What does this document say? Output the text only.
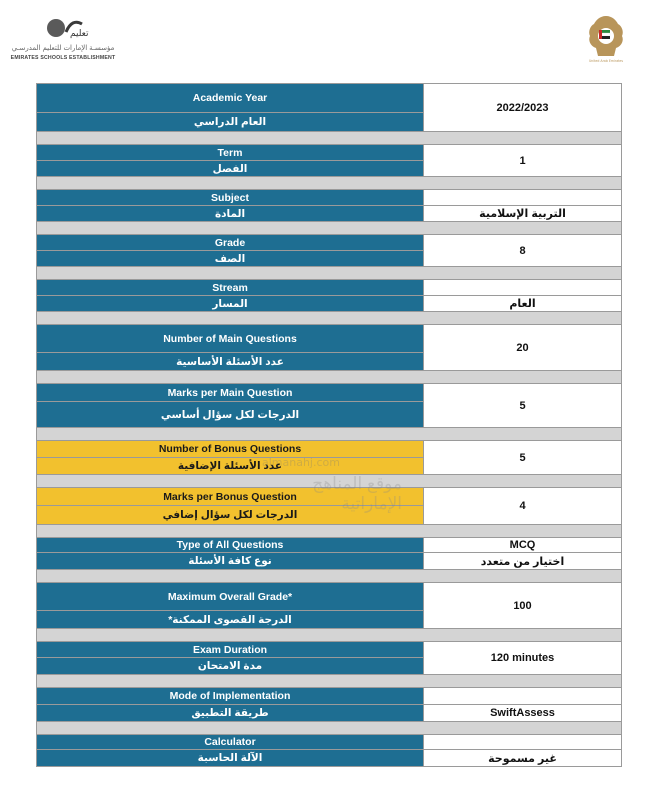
تعليم
مؤسسـة الإمارات للتعليم المدرسـي
EMIRATES SCHOOLS ESTABLISHMENT	United Arab Emirates
Academic Year	2022/2023

العام الدراسي	

Term	1

الفصل	

Subject	

المادة	التربية الإسلامية

Grade	8

الصف	

Stream	

المسار	العام

Number of Main Questions	20

عدد الأسئلة الأساسية	

Marks per Main Question	5

الدرجات لكل سؤال أساسي	

Number of Bonus Questions	5

عدد الأسئلة الإضافية	

Marks per Bonus Question	4

الدرجات لكل سؤال إضافي	

Type of All Questions	MCQ

نوع كافة الأسئلة	اختيار من متعدد

Maximum Overall Grade*	100

الدرجة القصوى الممكنة*	

Exam Duration	120 minutes

مدة الامتحان	

Mode of Implementation	

طريقة التطبيق	SwiftAssess

Calculator	

الآلة الحاسبة	غير مسموحة
almanahj.com
موقع المناهج الإماراتية
